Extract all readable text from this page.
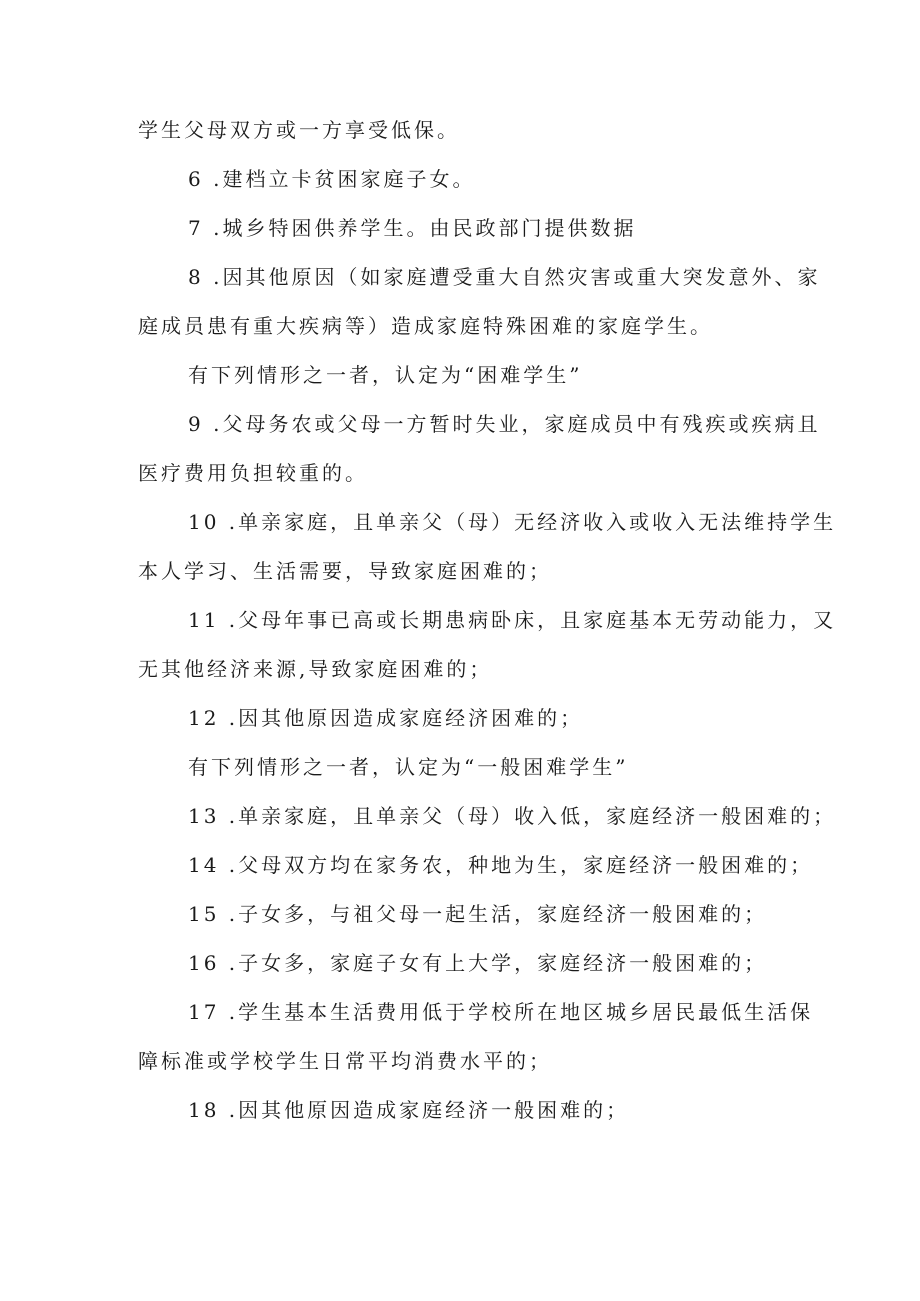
学生父母双方或一方享受低保。

6 .建档立卡贫困家庭子女。

7 .城乡特困供养学生。由民政部门提供数据

8 .因其他原因（如家庭遭受重大自然灾害或重大突发意外、家

庭成员患有重大疾病等）造成家庭特殊困难的家庭学生。

有下列情形之一者，认定为“困难学生”

9 .父母务农或父母一方暂时失业，家庭成员中有残疾或疾病且

医疗费用负担较重的。

10 .单亲家庭，且单亲父（母）无经济收入或收入无法维持学生

本人学习、生活需要，导致家庭困难的；

11 .父母年事已高或长期患病卧床，且家庭基本无劳动能力，又

无其他经济来源,导致家庭困难的；

12 .因其他原因造成家庭经济困难的；

有下列情形之一者，认定为“一般困难学生”

13 .单亲家庭，且单亲父（母）收入低，家庭经济一般困难的；

14 .父母双方均在家务农，种地为生，家庭经济一般困难的；

15 .子女多，与祖父母一起生活，家庭经济一般困难的；

16 .子女多，家庭子女有上大学，家庭经济一般困难的；

17 .学生基本生活费用低于学校所在地区城乡居民最低生活保

障标准或学校学生日常平均消费水平的；

18 .因其他原因造成家庭经济一般困难的；
